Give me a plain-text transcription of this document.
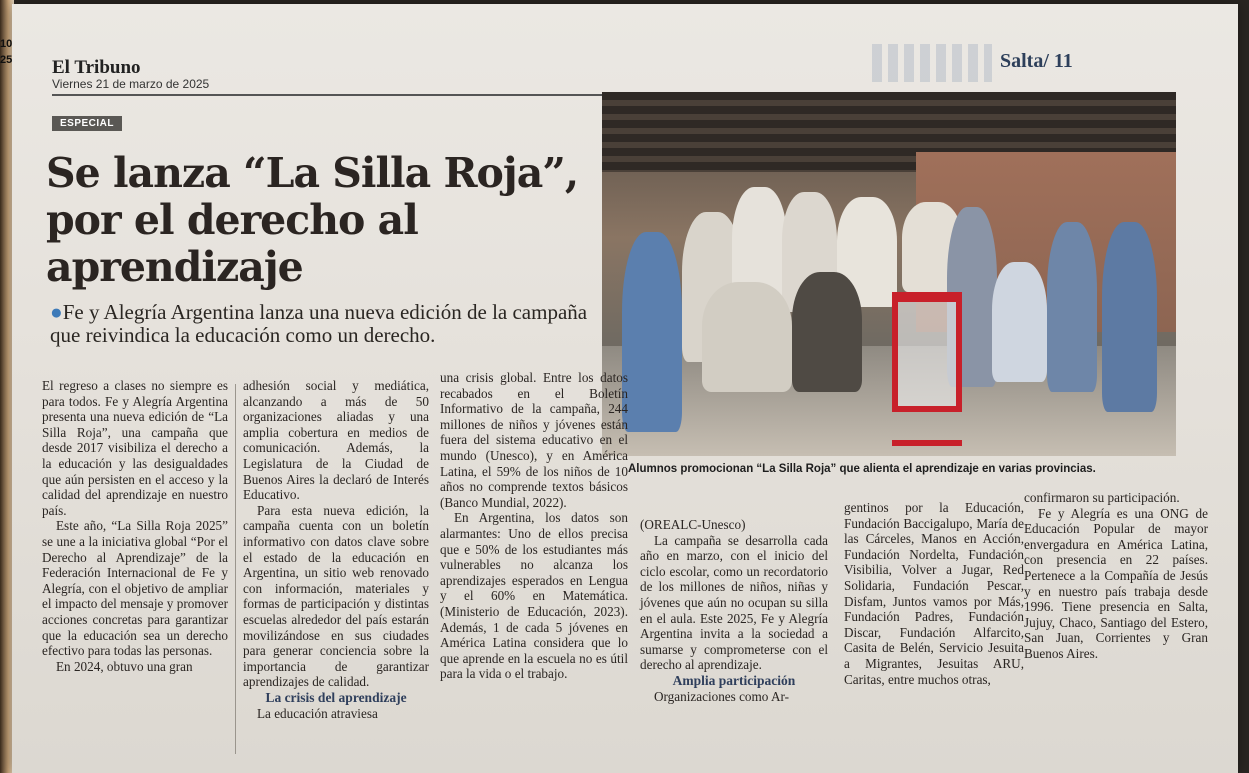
10
25 El Tribuno
Viernes 21 de marzo de 2025
Salta/ 11
ESPECIAL
Se lanza “La Silla Roja”, por el derecho al aprendizaje
●Fe y Alegría Argentina lanza una nueva edición de la campaña que reivindica la educación como un derecho.
Alumnos promocionan “La Silla Roja” que alienta el aprendizaje en varias provincias.

El regreso a clases no siempre es para todos. Fe y Alegría Argentina presenta una nueva edición de “La Silla Roja”, una campaña que desde 2017 visibiliza el derecho a la educación y las desigualdades que aún persisten en el acceso y la calidad del aprendizaje en nuestro país.

Este año, “La Silla Roja 2025” se une a la iniciativa global “Por el Derecho al Aprendizaje” de la Federación Internacional de Fe y Alegría, con el objetivo de ampliar el impacto del mensaje y promover acciones concretas para garantizar que la educación sea un derecho efectivo para todas las personas.

En 2024, obtuvo una gran

adhesión social y mediática, alcanzando a más de 50 organizaciones aliadas y una amplia cobertura en medios de comunicación. Además, la Legislatura de la Ciudad de Buenos Aires la declaró de Interés Educativo.

Para esta nueva edición, la campaña cuenta con un boletín informativo con datos clave sobre el estado de la educación en Argentina, un sitio web renovado con información, materiales y formas de participación y distintas escuelas alrededor del país estarán movilizándose en sus ciudades para generar conciencia sobre la importancia de garantizar aprendizajes de calidad.

La crisis del aprendizaje

La educación atraviesa

una crisis global. Entre los datos recabados en el Boletín Informativo de la campaña, 244 millones de niños y jóvenes están fuera del sistema educativo en el mundo (Unesco), y en América Latina, el 59% de los niños de 10 años no comprende textos básicos (Banco Mundial, 2022).

En Argentina, los datos son alarmantes: Uno de ellos precisa que e 50% de los estudiantes más vulnerables no alcanza los aprendizajes esperados en Lengua y el 60% en Matemática. (Ministerio de Educación, 2023). Además, 1 de cada 5 jóvenes en América Latina considera que lo que aprende en la escuela no es útil para la vida o el trabajo.

(OREALC-Unesco)

La campaña se desarrolla cada año en marzo, con el inicio del ciclo escolar, como un recordatorio de los millones de niños, niñas y jóvenes que aún no ocupan su silla en el aula. Este 2025, Fe y Alegría Argentina invita a la sociedad a sumarse y comprometerse con el derecho al aprendizaje.

Amplia participación

Organizaciones como Ar-

gentinos por la Educación, Fundación Baccigalupo, María de las Cárceles, Manos en Acción, Fundación Nordelta, Fundación Visibilia, Volver a Jugar, Red Solidaria, Fundación Pescar, Disfam, Juntos vamos por Más, Fundación Padres, Fundación Discar, Fundación Alfarcito, Casita de Belén, Servicio Jesuita a Migrantes, Jesuitas ARU, Caritas, entre muchos otras,

confirmaron su participación.

Fe y Alegría es una ONG de Educación Popular de mayor envergadura en América Latina, con presencia en 22 países. Pertenece a la Compañía de Jesús y en nuestro país trabaja desde 1996. Tiene presencia en Salta, Jujuy, Chaco, Santiago del Estero, San Juan, Corrientes y Gran Buenos Aires.
